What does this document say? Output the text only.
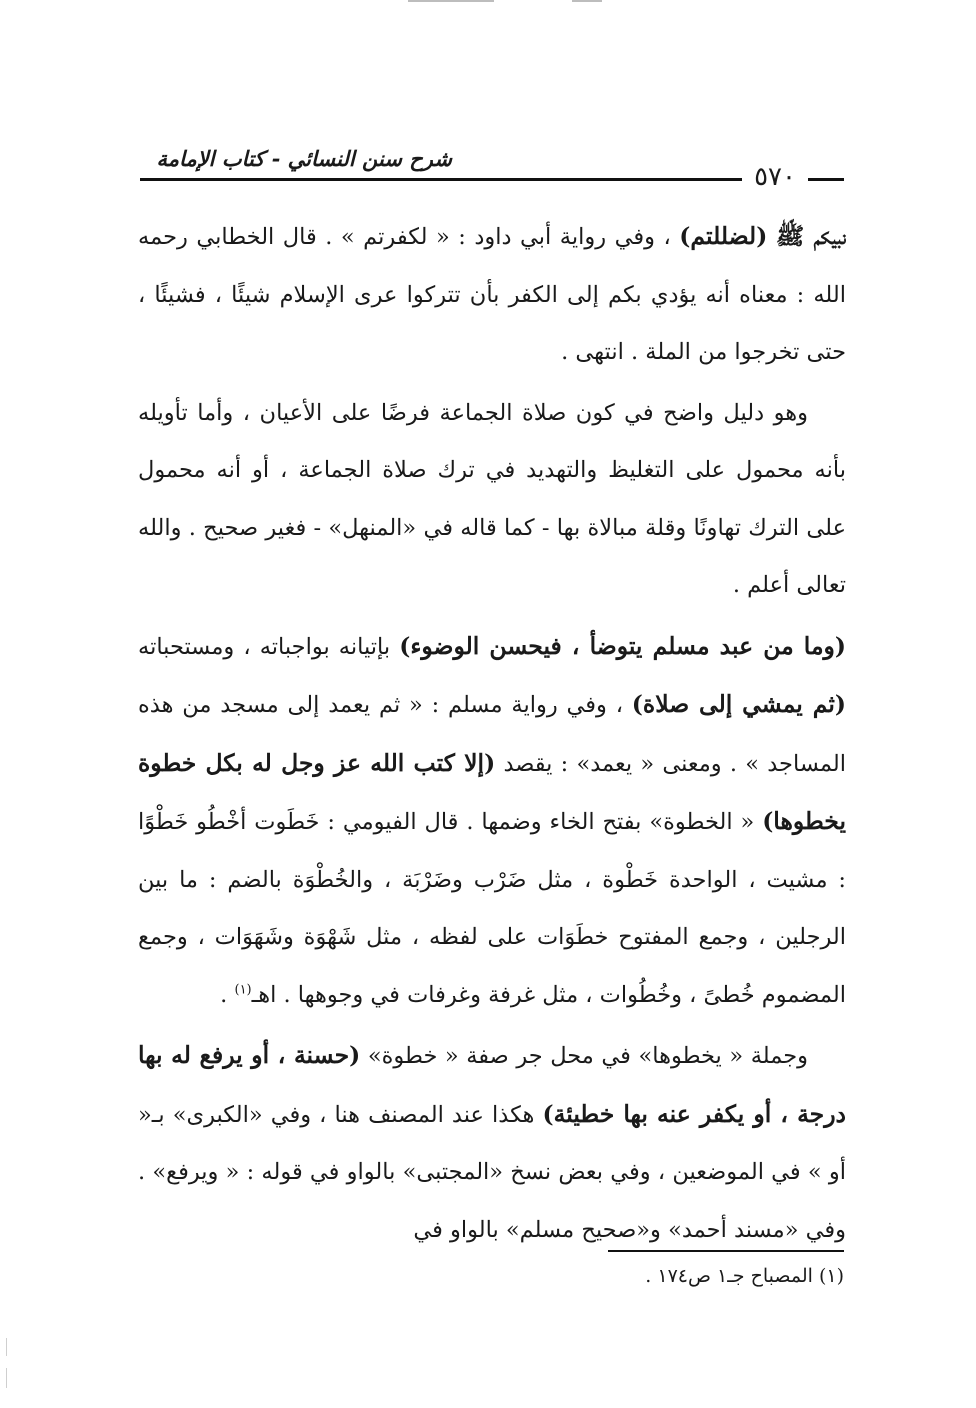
شرح سنن النسائي - كتاب الإمامة
٥٧٠

نبيكم ﷺ (لضللتم) ، وفي رواية أبي داود : « لكفرتم » . قال الخطابي رحمه الله : معناه أنه يؤدي بكم إلى الكفر بأن تتركوا عرى الإسلام شيئًا ، فشيئًا ، حتى تخرجوا من الملة . انتهى .

وهو دليل واضح في كون صلاة الجماعة فرضًا على الأعيان ، وأما تأويله بأنه محمول على التغليظ والتهديد في ترك صلاة الجماعة ، أو أنه محمول على الترك تهاونًا وقلة مبالاة بها - كما قاله في «المنهل» - فغير صحيح . والله تعالى أعلم .

(وما من عبد مسلم يتوضأ ، فيحسن الوضوء) بإتيانه بواجباته ، ومستحباته (ثم يمشي إلى صلاة) ، وفي رواية مسلم : « ثم يعمد إلى مسجد من هذه المساجد » . ومعنى « يعمد» : يقصد (إلا كتب الله عز وجل له بكل خطوة يخطوها) « الخطوة» بفتح الخاء وضمها . قال الفيومي : خَطَوت أخْطُو خَطْوًا : مشيت ، الواحدة خَطْوة ، مثل ضَرْب وضَرْبَة ، والخُطْوَة بالضم : ما بين الرجلين ، وجمع المفتوح خطَوَات على لفظه ، مثل شَهْوَة وشَهَوَات ، وجمع المضموم خُطىً ، وخُطُوات ، مثل غرفة وغرفات في وجوهها . اهـ$^{(١)}$ .

وجملة « يخطوها» في محل جر صفة « خطوة» (حسنة ، أو يرفع له بها درجة ، أو يكفر عنه بها خطيئة) هكذا عند المصنف هنا ، وفي «الكبرى» بـ« أو » في الموضعين ، وفي بعض نسخ «المجتبى» بالواو في قوله : « ويرفع» . وفي «مسند أحمد» و«صحيح مسلم» بالواو في

(١) المصباح جـ١ ص١٧٤ .
